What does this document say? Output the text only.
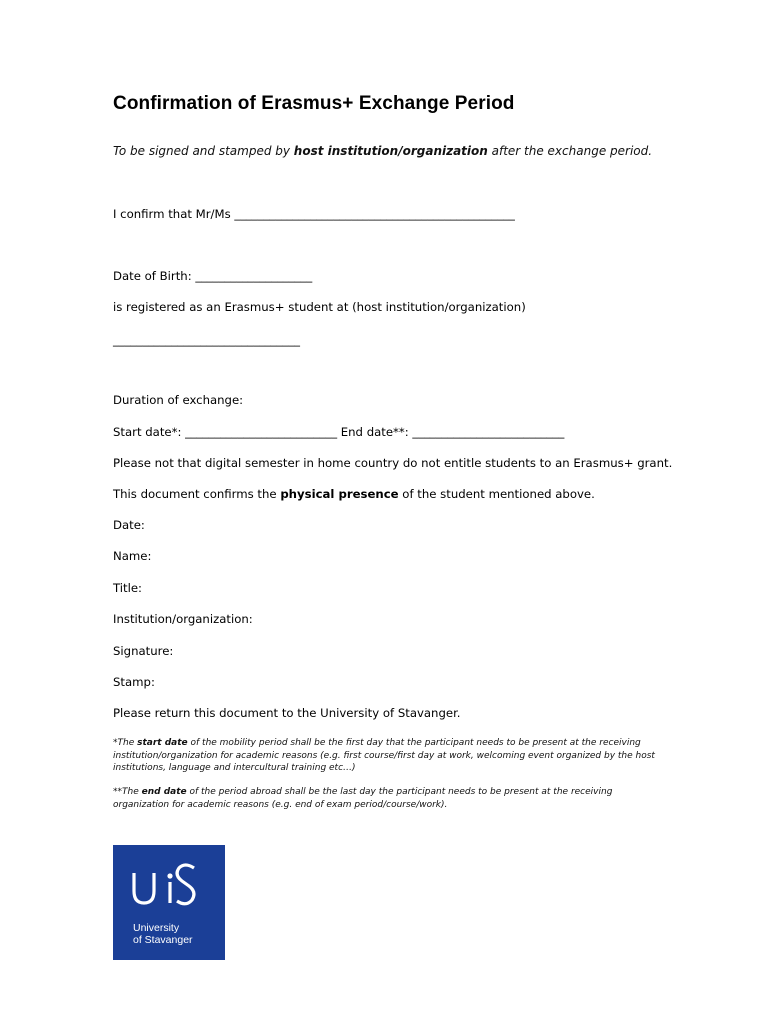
Confirmation of Erasmus+ Exchange Period
To be signed and stamped by host institution/organization after the exchange period.
I confirm that Mr/Ms ________________________________________________
Date of Birth: ____________________
is registered as an Erasmus+ student at (host institution/organization)
________________________________
Duration of exchange:
Start date*: __________________________ End date**: __________________________
Please not that digital semester in home country do not entitle students to an Erasmus+ grant.
This document confirms the physical presence of the student mentioned above.
Date:
Name:
Title:
Institution/organization:
Signature:
Stamp:
Please return this document to the University of Stavanger.
*The start date of the mobility period shall be the first day that the participant needs to be present at the receiving institution/organization for academic reasons (e.g. first course/first day at work, welcoming event organized by the host institutions, language and intercultural training etc…)
**The end date of the period abroad shall be the last day the participant needs to be present at the receiving organization for academic reasons (e.g. end of exam period/course/work).
University
of Stavanger
